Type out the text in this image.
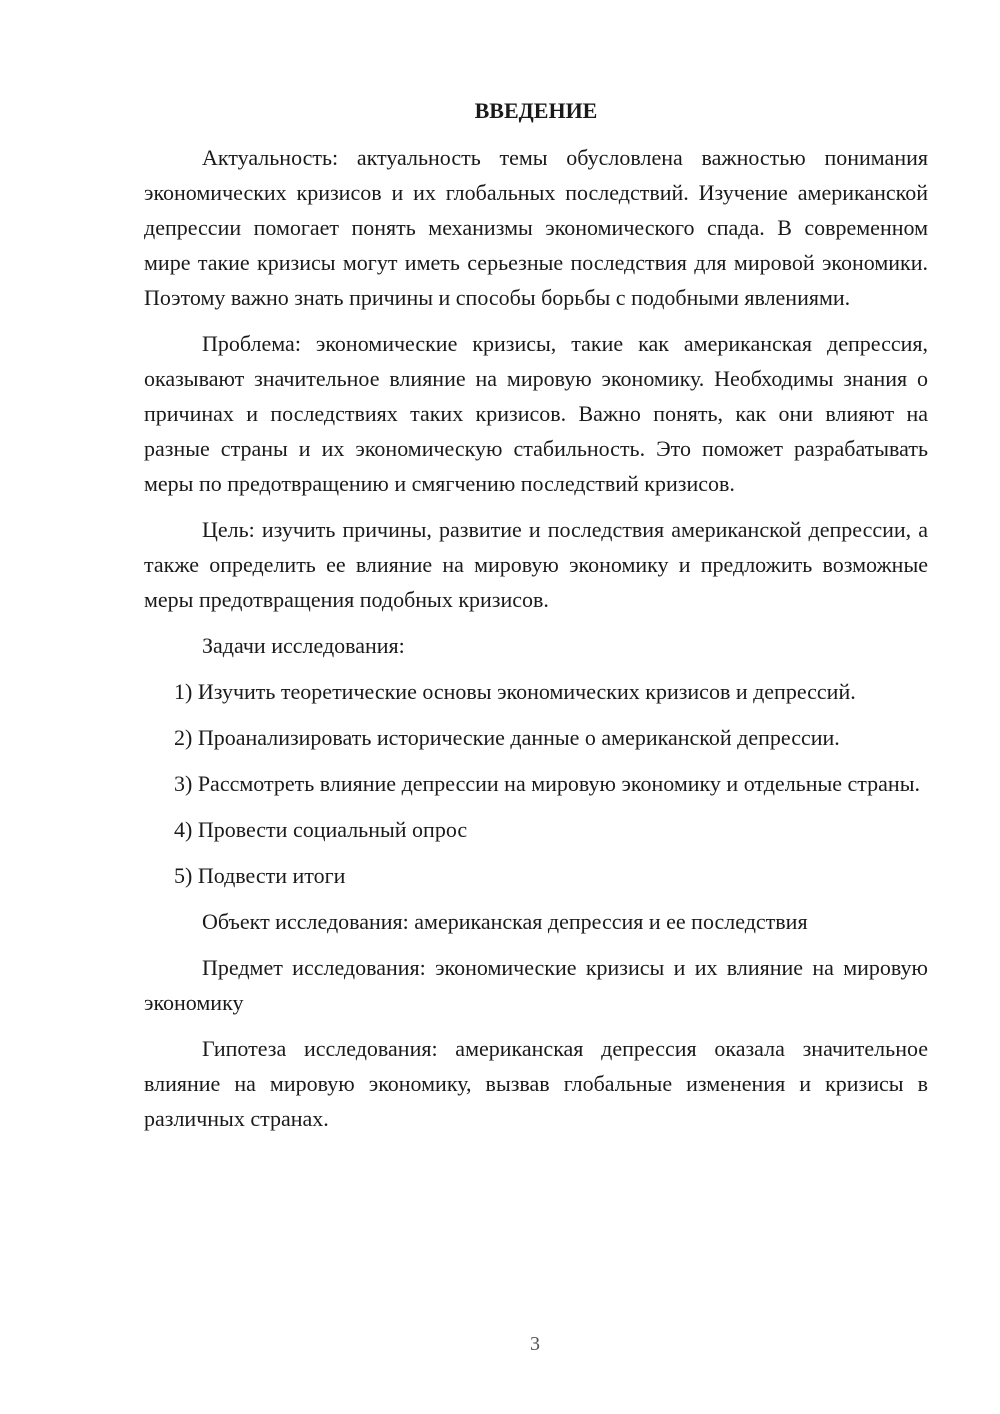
ВВЕДЕНИЕ

Актуальность: актуальность темы обусловлена важностью понимания экономических кризисов и их глобальных последствий. Изучение американской депрессии помогает понять механизмы экономического спада. В современном мире такие кризисы могут иметь серьезные последствия для мировой экономики. Поэтому важно знать причины и способы борьбы с подобными явлениями.

Проблема: экономические кризисы, такие как американская депрессия, оказывают значительное влияние на мировую экономику. Необходимы знания о причинах и последствиях таких кризисов. Важно понять, как они влияют на разные страны и их экономическую стабильность. Это поможет разрабатывать меры по предотвращению и смягчению последствий кризисов.

Цель: изучить причины, развитие и последствия американской депрессии, а также определить ее влияние на мировую экономику и предложить возможные меры предотвращения подобных кризисов.

Задачи исследования:

1) Изучить теоретические основы экономических кризисов и депрессий.

2) Проанализировать исторические данные о американской депрессии.

3) Рассмотреть влияние депрессии на мировую экономику и отдельные страны.

4) Провести социальный опрос

5) Подвести итоги

Объект исследования: американская депрессия и ее последствия

Предмет исследования: экономические кризисы и их влияние на мировую экономику

Гипотеза исследования: американская депрессия оказала значительное влияние на мировую экономику, вызвав глобальные изменения и кризисы в различных странах.

3
